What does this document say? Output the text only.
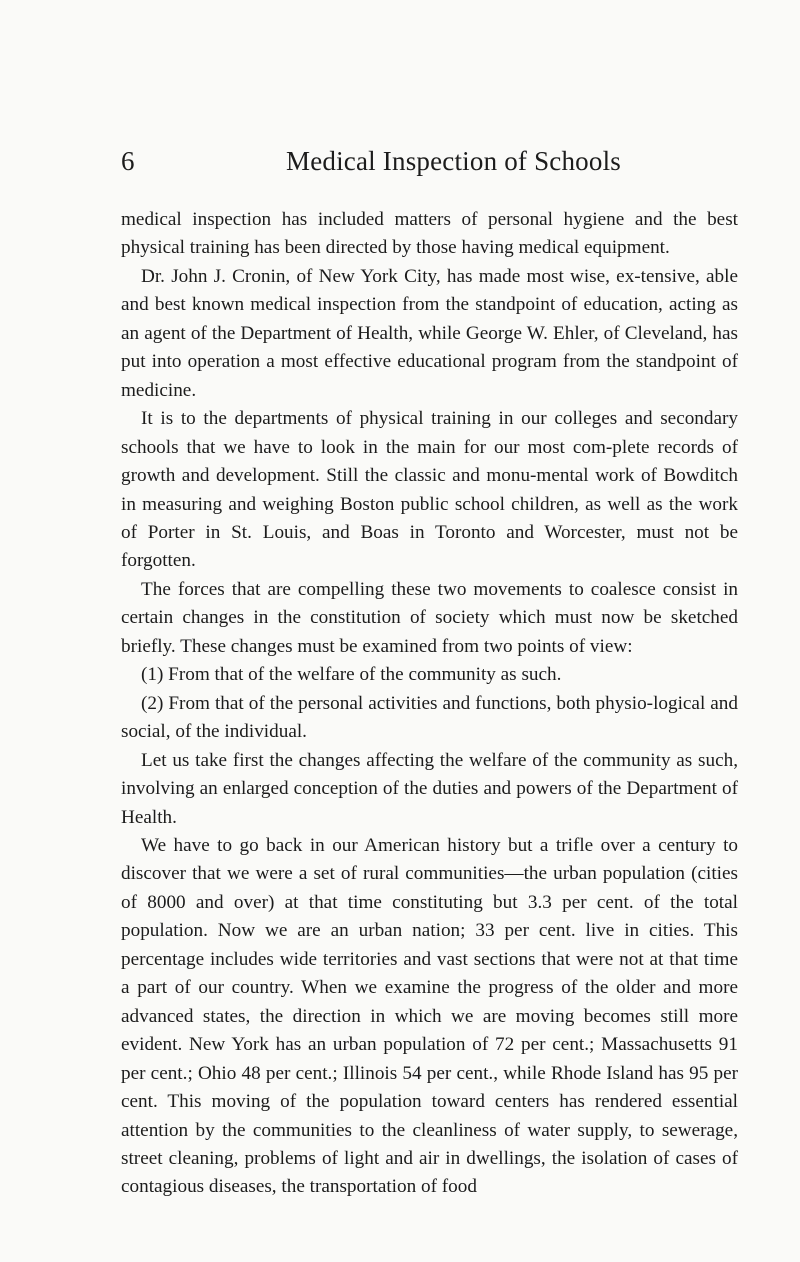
6	Medical Inspection of Schools

medical inspection has included matters of personal hygiene and the best physical training has been directed by those having medical equipment.

Dr. John J. Cronin, of New York City, has made most wise, ex-tensive, able and best known medical inspection from the standpoint of education, acting as an agent of the Department of Health, while George W. Ehler, of Cleveland, has put into operation a most effective educational program from the standpoint of medicine.

It is to the departments of physical training in our colleges and secondary schools that we have to look in the main for our most com-plete records of growth and development. Still the classic and monu-mental work of Bowditch in measuring and weighing Boston public school children, as well as the work of Porter in St. Louis, and Boas in Toronto and Worcester, must not be forgotten.

The forces that are compelling these two movements to coalesce consist in certain changes in the constitution of society which must now be sketched briefly. These changes must be examined from two points of view:

(1) From that of the welfare of the community as such.

(2) From that of the personal activities and functions, both physio-logical and social, of the individual.

Let us take first the changes affecting the welfare of the community as such, involving an enlarged conception of the duties and powers of the Department of Health.

We have to go back in our American history but a trifle over a century to discover that we were a set of rural communities—the urban population (cities of 8000 and over) at that time constituting but 3.3 per cent. of the total population. Now we are an urban nation; 33 per cent. live in cities. This percentage includes wide territories and vast sections that were not at that time a part of our country. When we examine the progress of the older and more advanced states, the direction in which we are moving becomes still more evident. New York has an urban population of 72 per cent.; Massachusetts 91 per cent.; Ohio 48 per cent.; Illinois 54 per cent., while Rhode Island has 95 per cent. This moving of the population toward centers has rendered essential attention by the communities to the cleanliness of water supply, to sewerage, street cleaning, problems of light and air in dwellings, the isolation of cases of contagious diseases, the transportation of food
